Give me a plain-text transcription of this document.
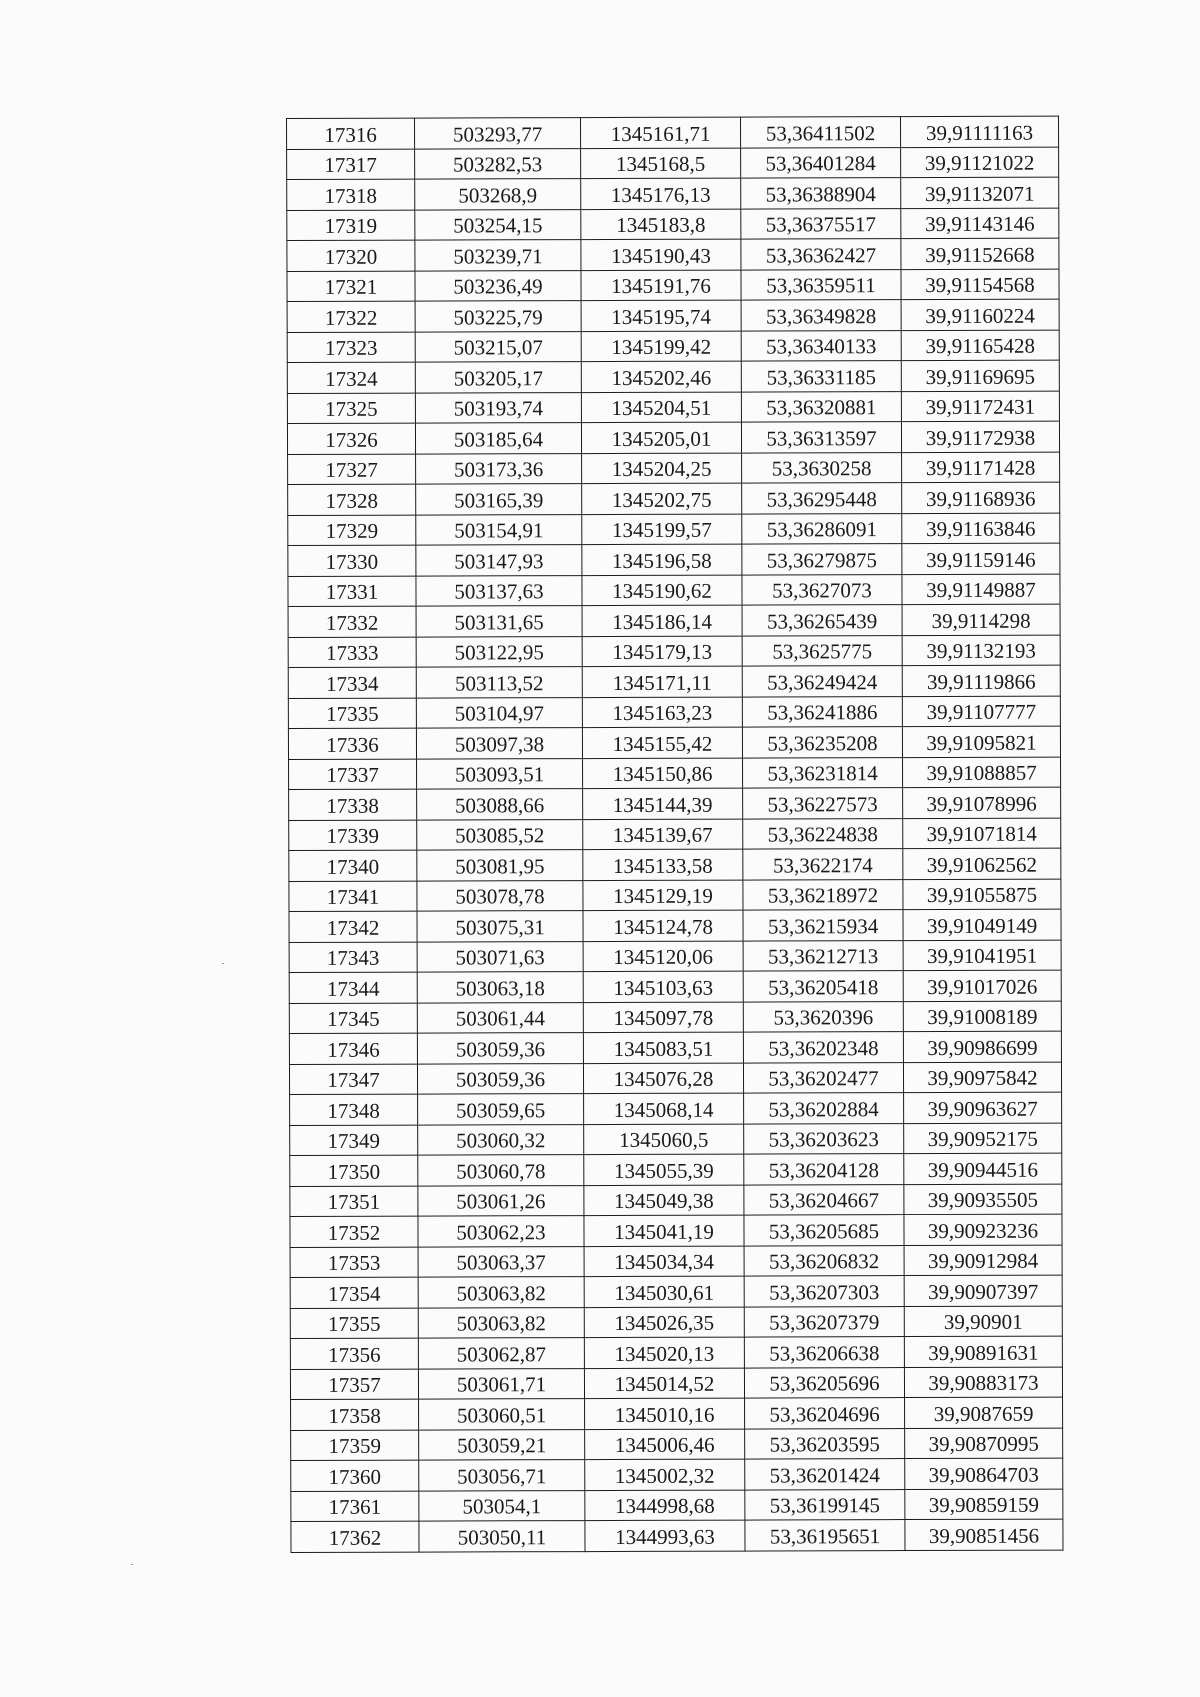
17316	503293,77	1345161,71	53,36411502	39,91111163
17317	503282,53	1345168,5	53,36401284	39,91121022
17318	503268,9	1345176,13	53,36388904	39,91132071
17319	503254,15	1345183,8	53,36375517	39,91143146
17320	503239,71	1345190,43	53,36362427	39,91152668
17321	503236,49	1345191,76	53,36359511	39,91154568
17322	503225,79	1345195,74	53,36349828	39,91160224
17323	503215,07	1345199,42	53,36340133	39,91165428
17324	503205,17	1345202,46	53,36331185	39,91169695
17325	503193,74	1345204,51	53,36320881	39,91172431
17326	503185,64	1345205,01	53,36313597	39,91172938
17327	503173,36	1345204,25	53,3630258	39,91171428
17328	503165,39	1345202,75	53,36295448	39,91168936
17329	503154,91	1345199,57	53,36286091	39,91163846
17330	503147,93	1345196,58	53,36279875	39,91159146
17331	503137,63	1345190,62	53,3627073	39,91149887
17332	503131,65	1345186,14	53,36265439	39,9114298
17333	503122,95	1345179,13	53,3625775	39,91132193
17334	503113,52	1345171,11	53,36249424	39,91119866
17335	503104,97	1345163,23	53,36241886	39,91107777
17336	503097,38	1345155,42	53,36235208	39,91095821
17337	503093,51	1345150,86	53,36231814	39,91088857
17338	503088,66	1345144,39	53,36227573	39,91078996
17339	503085,52	1345139,67	53,36224838	39,91071814
17340	503081,95	1345133,58	53,3622174	39,91062562
17341	503078,78	1345129,19	53,36218972	39,91055875
17342	503075,31	1345124,78	53,36215934	39,91049149
17343	503071,63	1345120,06	53,36212713	39,91041951
17344	503063,18	1345103,63	53,36205418	39,91017026
17345	503061,44	1345097,78	53,3620396	39,91008189
17346	503059,36	1345083,51	53,36202348	39,90986699
17347	503059,36	1345076,28	53,36202477	39,90975842
17348	503059,65	1345068,14	53,36202884	39,90963627
17349	503060,32	1345060,5	53,36203623	39,90952175
17350	503060,78	1345055,39	53,36204128	39,90944516
17351	503061,26	1345049,38	53,36204667	39,90935505
17352	503062,23	1345041,19	53,36205685	39,90923236
17353	503063,37	1345034,34	53,36206832	39,90912984
17354	503063,82	1345030,61	53,36207303	39,90907397
17355	503063,82	1345026,35	53,36207379	39,90901
17356	503062,87	1345020,13	53,36206638	39,90891631
17357	503061,71	1345014,52	53,36205696	39,90883173
17358	503060,51	1345010,16	53,36204696	39,9087659
17359	503059,21	1345006,46	53,36203595	39,90870995
17360	503056,71	1345002,32	53,36201424	39,90864703
17361	503054,1	1344998,68	53,36199145	39,90859159
17362	503050,11	1344993,63	53,36195651	39,90851456
